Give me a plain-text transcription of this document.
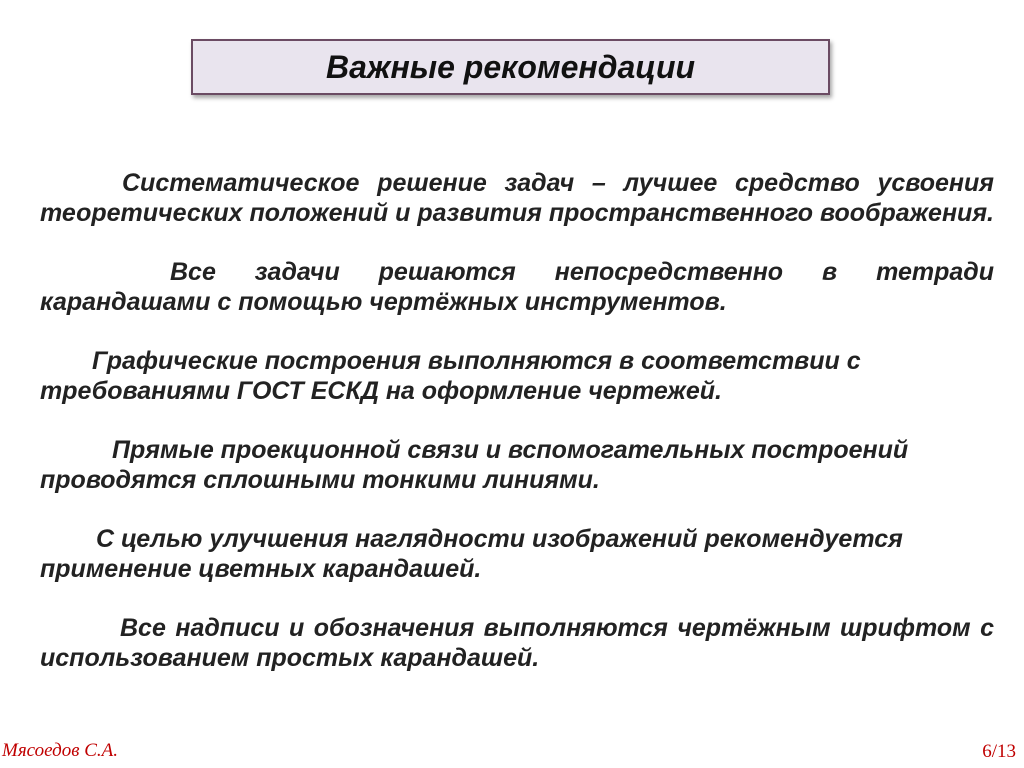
Важные рекомендации

Систематическое решение задач – лучшее средство усвоения теоретических положений и развития пространственного воображения.

Все задачи решаются непосредственно в тетради карандашами с помощью чертёжных инструментов.

Графические построения выполняются в соответствии с требованиями ГОСТ ЕСКД на оформление чертежей.

Прямые проекционной связи и вспомогательных построений проводятся сплошными тонкими линиями.

С целью улучшения наглядности изображений рекомендуется применение цветных карандашей.

Все надписи и обозначения выполняются чертёжным шрифтом с использованием простых карандашей.

Мясоедов С.А.	6/13
